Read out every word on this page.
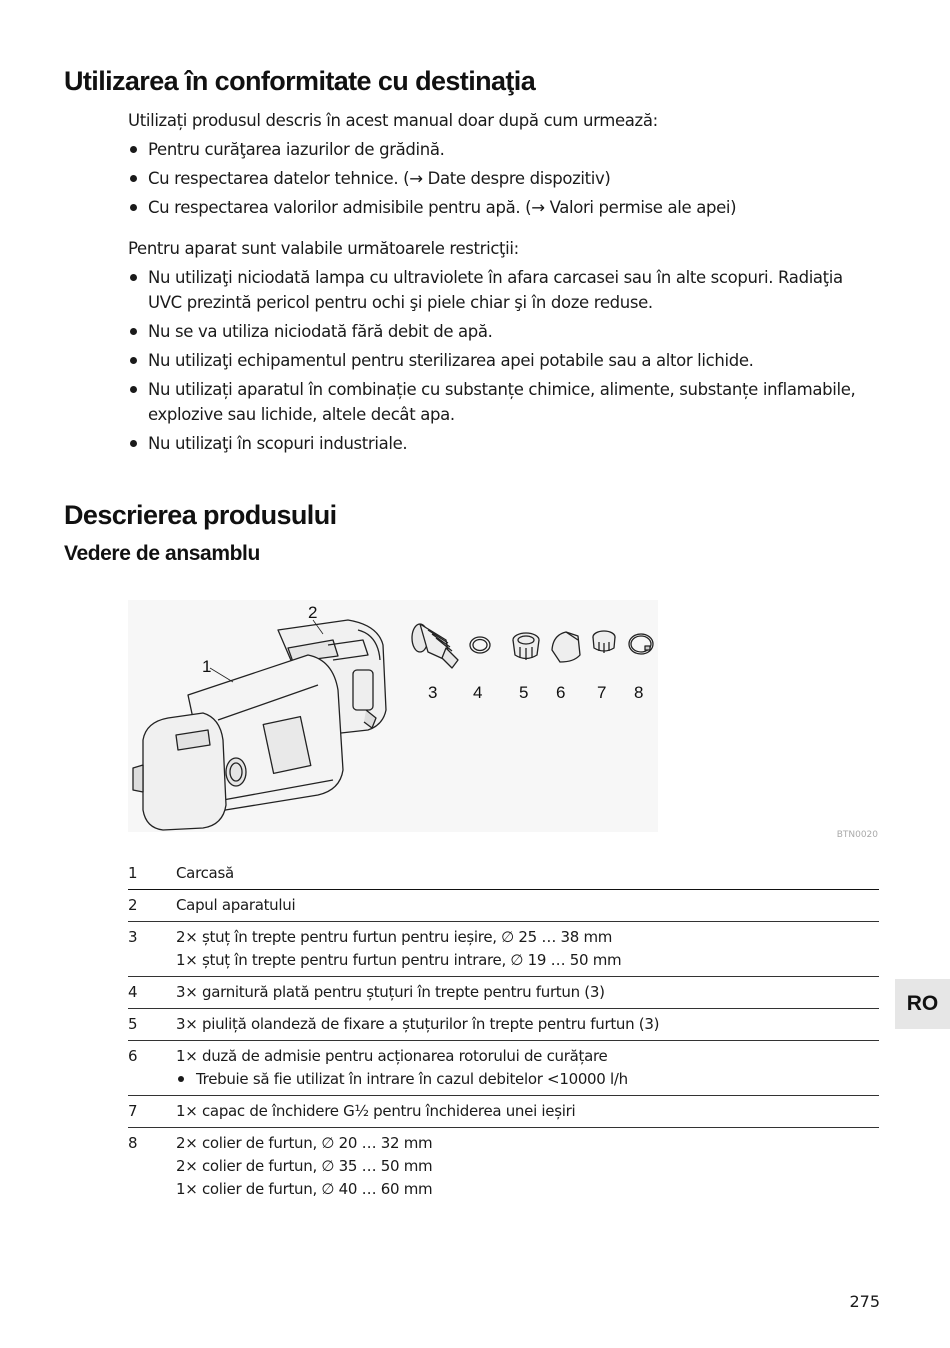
Utilizarea în conformitate cu destinaţia

Utilizați produsul descris în acest manual doar după cum urmează:

Pentru curăţarea iazurilor de grădină.
Cu respectarea datelor tehnice. (→ Date despre dispozitiv)
Cu respectarea valorilor admisibile pentru apă. (→ Valori permise ale apei)

Pentru aparat sunt valabile următoarele restricţii:

Nu utilizaţi niciodată lampa cu ultraviolete în afara carcasei sau în alte scopuri. Radiaţia UVC prezintă pericol pentru ochi şi piele chiar şi în doze reduse.
Nu se va utiliza niciodată fără debit de apă.
Nu utilizaţi echipamentul pentru sterilizarea apei potabile sau a altor lichide.
Nu utilizați aparatul în combinație cu substanțe chimice, alimente, substanțe inflamabile, explozive sau lichide, altele decât apa.
Nu utilizaţi în scopuri industriale.
Descrierea produsului
Vedere de ansamblu
2
1
3 4 5 6 7 8
BTN0020
1	Carcasă
2	Capul aparatului
3	2× ștuț în trepte pentru furtun pentru ieșire, ∅ 25 … 38 mm
1× ștuț în trepte pentru furtun pentru intrare, ∅ 19 … 50 mm

4	3× garnitură plată pentru ștuțuri în trepte pentru furtun (3)
5	3× piuliță olandeză de fixare a ștuțurilor în trepte pentru furtun (3)
6	1× duză de admisie pentru acționarea rotorului de curățare
Trebuie să fie utilizat în intrare în cazul debitelor <10000 l/h

7	1× capac de închidere G½ pentru închiderea unei ieșiri
8	2× colier de furtun, ∅ 20 … 32 mm
2× colier de furtun, ∅ 35 … 50 mm
1× colier de furtun, ∅ 40 … 60 mm
RO
275
